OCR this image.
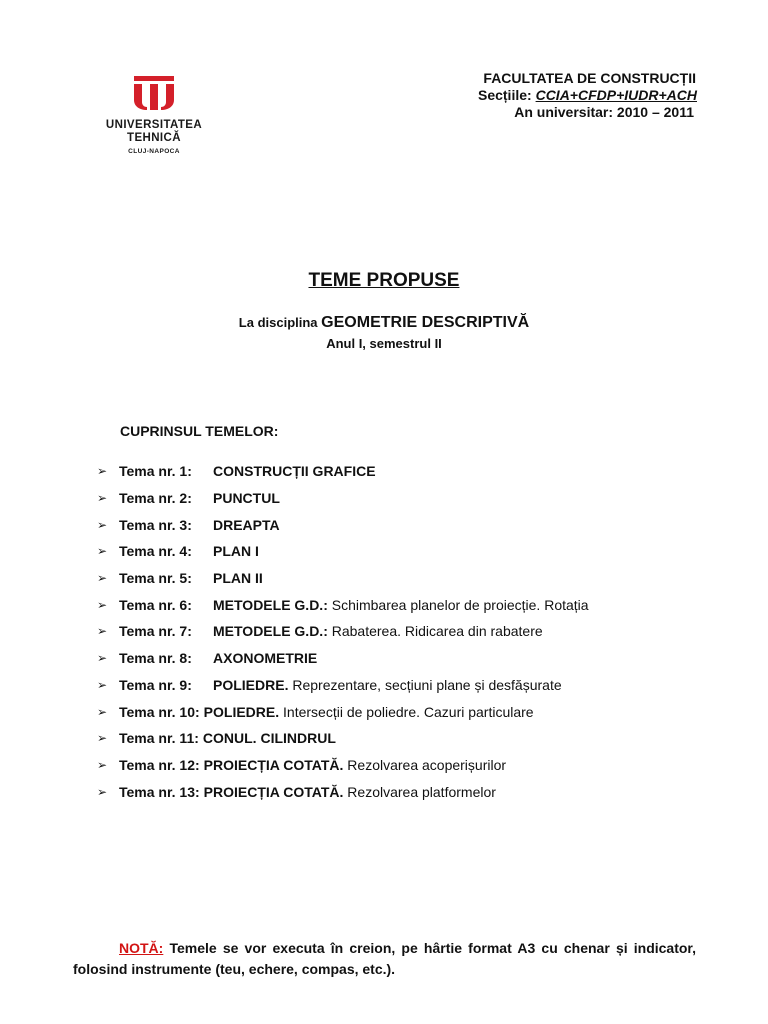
UNIVERSITATEA
TEHNICĂ
CLUJ-NAPOCA
FACULTATEA DE CONSTRUCȚII
Secțiile: CCIA+CFDP+IUDR+ACH
An universitar: 2010 – 2011
TEME PROPUSE
La disciplina GEOMETRIE DESCRIPTIVĂ
Anul I, semestrul II
CUPRINSUL TEMELOR:
➢ Tema nr. 1:	CONSTRUCȚII GRAFICE
➢ Tema nr. 2:	PUNCTUL
➢ Tema nr. 3:	DREAPTA
➢ Tema nr. 4:	PLAN I
➢ Tema nr. 5:	PLAN II
➢ Tema nr. 6:	METODELE G.D.:
Schimbarea planelor de proiecție. Rotația
➢ Tema nr. 7:	METODELE G.D.:
Rabaterea. Ridicarea din rabatere
➢ Tema nr. 8:	AXONOMETRIE
➢ Tema nr. 9:	POLIEDRE.
Reprezentare, secțiuni plane și desfășurate
➢ Tema nr. 10: POLIEDRE.
Intersecții de poliedre. Cazuri particulare
➢ Tema nr. 11: CONUL. CILINDRUL
➢ Tema nr. 12: PROIECȚIA COTATĂ.
Rezolvarea acoperișurilor
➢ Tema nr. 13: PROIECȚIA COTATĂ.
Rezolvarea platformelor
NOTĂ: Temele se vor executa în creion, pe hârtie format A3 cu chenar și indicator, folosind instrumente (teu, echere, compas, etc.).
